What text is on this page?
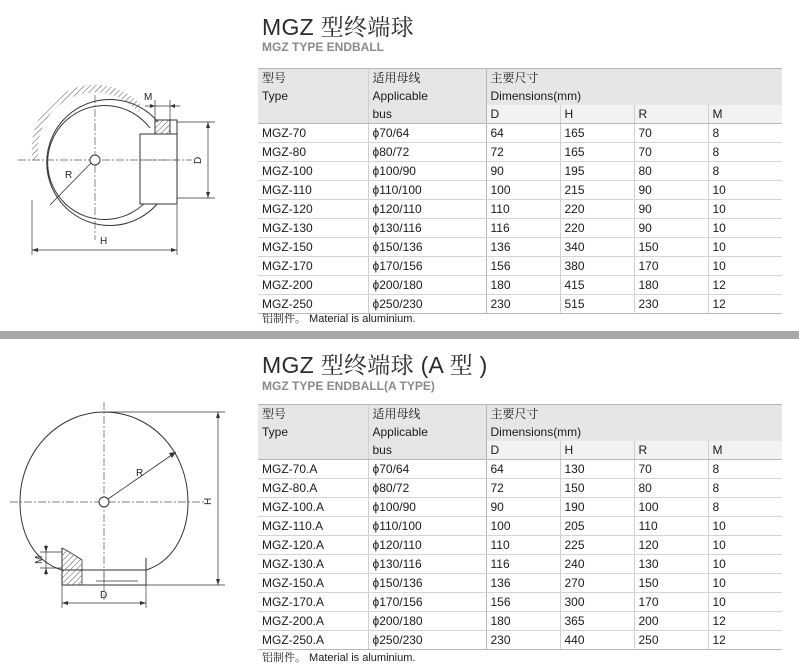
R
M
D
H
MGZ 型终端球
MGZ TYPE ENDBALL
型号	适用母线	主要尺寸			
Type	Applicable	Dimensions(mm)			
	bus	D	H	R	M
MGZ-70	ϕ70/64	64	165	70	8
MGZ-80	ϕ80/72	72	165	70	8
MGZ-100	ϕ100/90	90	195	80	8
MGZ-110	ϕ110/100	100	215	90	10
MGZ-120	ϕ120/110	110	220	90	10
MGZ-130	ϕ130/116	116	220	90	10
MGZ-150	ϕ150/136	136	340	150	10
MGZ-170	ϕ170/156	156	380	170	10
MGZ-200	ϕ200/180	180	415	180	12
MGZ-250	ϕ250/230	230	515	230	12
铝制件。 Material is aluminium.
R
H
M
D
MGZ 型终端球 (A 型 )
MGZ TYPE ENDBALL(A TYPE)
型号	适用母线	主要尺寸			
Type	Applicable	Dimensions(mm)			
	bus	D	H	R	M
MGZ-70.A	ϕ70/64	64	130	70	8
MGZ-80.A	ϕ80/72	72	150	80	8
MGZ-100.A	ϕ100/90	90	190	100	8
MGZ-110.A	ϕ110/100	100	205	110	10
MGZ-120.A	ϕ120/110	110	225	120	10
MGZ-130.A	ϕ130/116	116	240	130	10
MGZ-150.A	ϕ150/136	136	270	150	10
MGZ-170.A	ϕ170/156	156	300	170	10
MGZ-200.A	ϕ200/180	180	365	200	12
MGZ-250.A	ϕ250/230	230	440	250	12
铝制件。 Material is aluminium.
